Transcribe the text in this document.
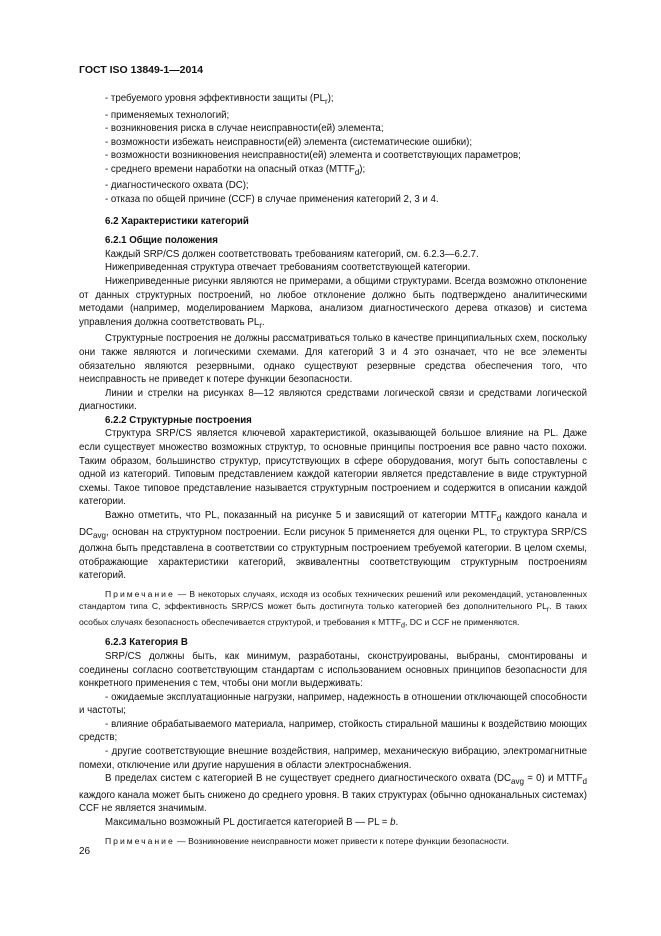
ГОСТ ISO 13849-1—2014

- требуемого уровня эффективности защиты $(PL_r)$;

- применяемых технологий;

- возникновения риска в случае неисправности(ей) элемента;

- возможности избежать неисправности(ей) элемента (систематические ошибки);

- возможности возникновения неисправности(ей) элемента и соответствующих параметров;

- среднего времени наработки на опасный отказ $(MTTF_d)$;

- диагностического охвата (DC);

- отказа по общей причине (CCF) в случае применения категорий 2, 3 и 4.

6.2 Характеристики категорий

6.2.1 Общие положения

Каждый SRP/CS должен соответствовать требованиям категорий, см. 6.2.3—6.2.7.

Нижеприведенная структура отвечает требованиям соответствующей категории.

Нижеприведенные рисунки являются не примерами, а общими структурами. Всегда возможно отклонение от данных структурных построений, но любое отклонение должно быть подтверждено аналитическими методами (например, моделированием Маркова, анализом диагностического дерева отказов) и система управления должна соответствовать $PL_r$.

Структурные построения не должны рассматриваться только в качестве принципиальных схем, поскольку они также являются и логическими схемами. Для категорий 3 и 4 это означает, что не все элементы обязательно являются резервными, однако существуют резервные средства обеспечения того, что неисправность не приведет к потере функции безопасности.

Линии и стрелки на рисунках 8—12 являются средствами логической связи и средствами логической диагностики.

6.2.2 Структурные построения

Структура SRP/CS является ключевой характеристикой, оказывающей большое влияние на PL. Даже если существует множество возможных структур, то основные принципы построения все равно часто похожи. Таким образом, большинство структур, присутствующих в сфере оборудования, могут быть сопоставлены с одной из категорий. Типовым представлением каждой категории является представление в виде структурной схемы. Такое типовое представление называется структурным построением и содержится в описании каждой категории.

Важно отметить, что PL, показанный на рисунке 5 и зависящий от категории $MTTF_d$ каждого канала и $DC_{avg}$, основан на структурном построении. Если рисунок 5 применяется для оценки PL, то структура SRP/CS должна быть представлена в соответствии со структурным построением требуемой категории. В целом схемы, отображающие характеристики категорий, эквивалентны соответствующим структурным построениям категорий.

Примечание — В некоторых случаях, исходя из особых технических решений или рекомендаций, установленных стандартом типа C, эффективность SRP/CS может быть достигнута только категорией без дополнительного $PL_r$. В таких особых случаях безопасность обеспечивается структурой, и требования к $MTTF_d$, DC и CCF не применяются.

6.2.3 Категория B

SRP/CS должны быть, как минимум, разработаны, сконструированы, выбраны, смонтированы и соединены согласно соответствующим стандартам с использованием основных принципов безопасности для конкретного применения с тем, чтобы они могли выдерживать:

- ожидаемые эксплуатационные нагрузки, например, надежность в отношении отключающей способности и частоты;

- влияние обрабатываемого материала, например, стойкость стиральной машины к воздействию моющих средств;

- другие соответствующие внешние воздействия, например, механическую вибрацию, электромагнитные помехи, отключение или другие нарушения в области электроснабжения.

В пределах систем с категорией B не существует среднего диагностического охвата $(DC_{avg} = 0)$ и $MTTF_d$ каждого канала может быть снижено до среднего уровня. В таких структурах (обычно одноканальных системах) CCF не является значимым.

Максимально возможный PL достигается категорией B — PL = b.

Примечание — Возникновение неисправности может привести к потере функции безопасности.

26
